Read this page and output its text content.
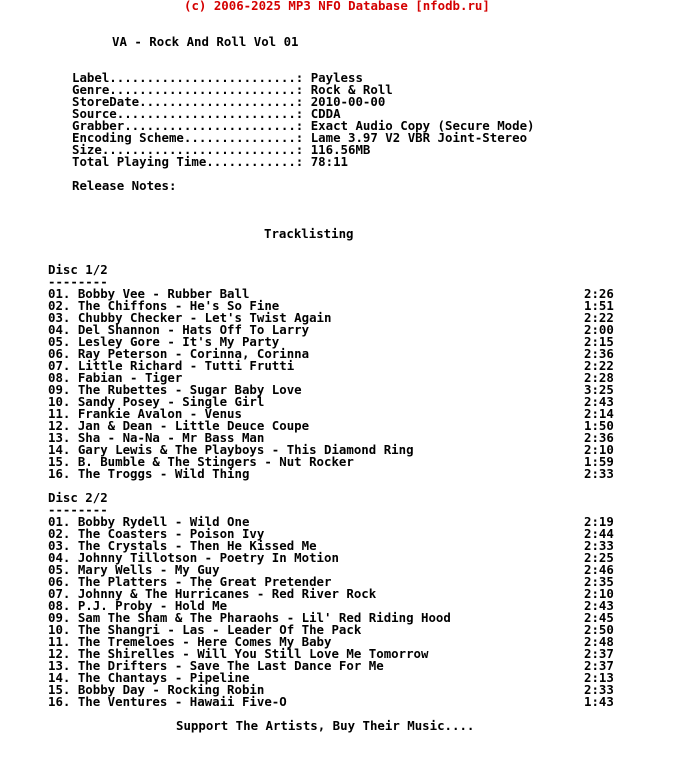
(c) 2006-2025 MP3 NFO Database [nfodb.ru]
VA - Rock And Roll Vol 01
Label.........................: Payless
Genre.........................: Rock & Roll
StoreDate.....................: 2010-00-00
Source........................: CDDA
Grabber.......................: Exact Audio Copy (Secure Mode)
Encoding Scheme...............: Lame 3.97 V2 VBR Joint-Stereo
Size..........................: 116.56MB
Total Playing Time............: 78:11
Release Notes:
Tracklisting
Disc 1/2
--------
01. Bobby Vee - Rubber Ball	2:26
02. The Chiffons - He's So Fine	1:51
03. Chubby Checker - Let's Twist Again	2:22
04. Del Shannon - Hats Off To Larry	2:00
05. Lesley Gore - It's My Party	2:15
06. Ray Peterson - Corinna, Corinna	2:36
07. Little Richard - Tutti Frutti	2:22
08. Fabian - Tiger	2:28
09. The Rubettes - Sugar Baby Love	3:25
10. Sandy Posey - Single Girl	2:43
11. Frankie Avalon - Venus	2:14
12. Jan & Dean - Little Deuce Coupe	1:50
13. Sha - Na-Na - Mr Bass Man	2:36
14. Gary Lewis & The Playboys - This Diamond Ring	2:10
15. B. Bumble & The Stingers - Nut Rocker	1:59
16. The Troggs - Wild Thing	2:33
Disc 2/2
--------
01. Bobby Rydell - Wild One	2:19
02. The Coasters - Poison Ivy	2:44
03. The Crystals - Then He Kissed Me	2:33
04. Johnny Tillotson - Poetry In Motion	2:25
05. Mary Wells - My Guy	2:46
06. The Platters - The Great Pretender	2:35
07. Johnny & The Hurricanes - Red River Rock	2:10
08. P.J. Proby - Hold Me	2:43
09. Sam The Sham & The Pharaohs - Lil' Red Riding Hood	2:45
10. The Shangri - Las - Leader Of The Pack	2:50
11. The Tremeloes - Here Comes My Baby	2:48
12. The Shirelles - Will You Still Love Me Tomorrow	2:37
13. The Drifters - Save The Last Dance For Me	2:37
14. The Chantays - Pipeline	2:13
15. Bobby Day - Rocking Robin	2:33
16. The Ventures - Hawaii Five-O	1:43
Support The Artists, Buy Their Music....
